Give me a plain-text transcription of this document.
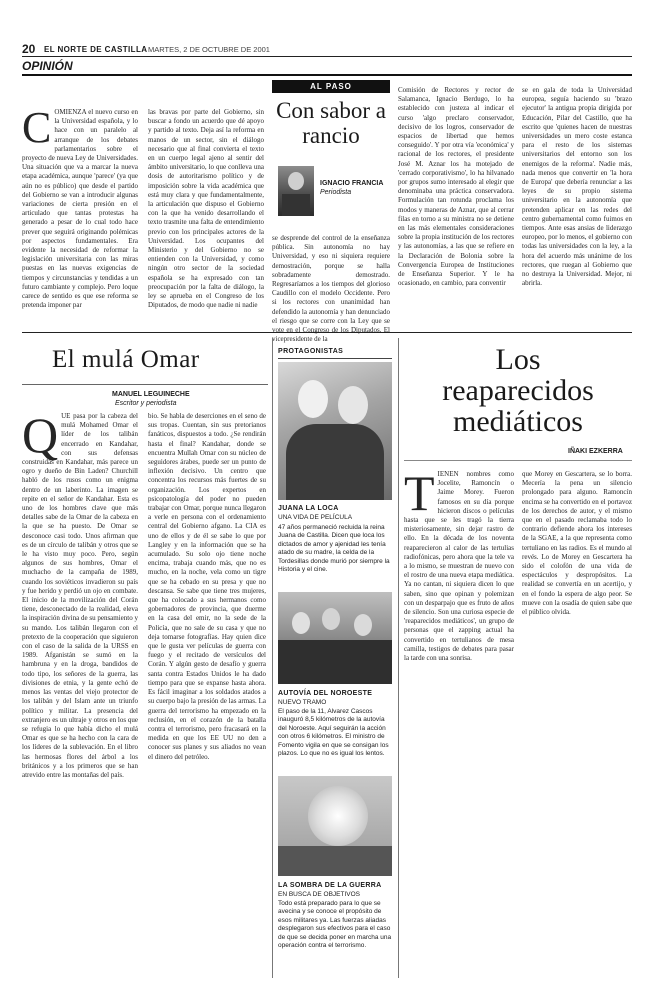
20 EL NORTE DE CASTILLA MARTES, 2 DE OCTUBRE DE 2001
OPINIÓN
COMIENZA el nuevo curso en la Universidad española, y lo hace con un paralelo al arranque de los debates parlamentarios sobre el proyecto de nueva Ley de Universidades. Una situación que va a marcar la nueva etapa académica, aunque 'parece' (ya que aún no es público) que desde el partido del Gobierno se van a introducir algunas variaciones de cierta presión en el articulado que tantas protestas ha generado a pesar de lo cual todo hace prever que seguirá originando polémicas por aspectos fundamentales. Era evidente la necesidad de reformar la legislación universitaria con las miras puestas en las nuevas exigencias de tiempos y circunstancias y tendidas a un futuro cambiante y complejo. Pero loque carece de sentido es que ese reforma se pretenda imponer par
las bravas por parte del Gobierno, sin buscar a fondo un acuerdo que dé apoyo y partido al texto. Deja así la reforma en manos de un sector, sin el diálogo necesario que al final convierta el texto en un cuerpo legal ajeno al sentir del ámbito universitario, lo que conlleva una dosis de autoritarismo político y de imposición sobre la vida académica que está muy clara y que fundamentalmente, la articulación que dispuso el Gobierno con la que ha venido desarrollando el texto trasmite una falta de entendimiento previo con los principales actores de la Universidad. Los ocupantes del Ministerio y del Gobierno no se entienden con la Universidad, y como ningún otro sector de la sociedad española se ha expresado con tan preocupación por la falta de diálogo, la ley se aprueba en el Congreso de los Diputados, de modo que nadie ni nadie
AL PASO
Con sabor a rancio
IGNACIO FRANCIA
Periodista
se desprende del control de la enseñanza pública. Sin autonomía no hay Universidad, y eso ni siquiera requiere demostración, porque se halla sobradamente demostrado. Regresaríamos a los tiempos del glorioso Caudillo con el modelo Occidente. Pero si los rectores con unanimidad han defendido la autonomía y han denunciado el riesgo que se corre con la Ley que se vote en el Congreso de los Diputados. El vicepresidente de la
Comisión de Rectores y rector de Salamanca, Ignacio Berdugo, lo ha establecido con justeza al indicar el curso 'algo preclaro conservador, decisivo de los logros, conservador de espacios de libertad que hemos conseguido'. Y por otra vía 'económica' y racional de los rectores, el presidente José M. Aznar los ha motejado de 'cerrado corporativismo', lo ha hilvanado por grupos sumo interesado al elegir que denominaba una práctica conservadora. Formulación tan rotunda proclama los modos y maneras de Aznar, que al cerrar filas en torno a su ministra no se detiene en las más elementales consideraciones sobre la propia institución de los rectores y las autonomías, a las que se refiere en la Declaración de Bolonia sobre la Convergencia Europea de Instituciones de Enseñanza Superior. Y le ha ocasionado, en cambio, para conventir
se en gala de toda la Universidad europea, seguía haciendo su 'brazo ejecutor' la antigua propia dirigida por Educación, Pilar del Castillo, que ha escrito que 'quienes hacen de nuestras universidades un mero coste estanca para el resto de los sistemas universitarios del entorno son los enemigos de la reforma'. Nadie más, nada menos que convertir en 'la hora de Europa' que debería renunciar a las leyes de su propio sistema universitario en la autonomía que pretenden aplicar en las redes del centro gubernamental como fuimos en tiempos. Ante esas ansias de liderazgo europeo, por lo menos, el gobierno con todas las universidades con la ley, a la hora del acuerdo más unánime de los rectores, que ruegan al Gobierno que no destruya la Universidad. Mejor, ni abrirla.
El mulá Omar
MANUEL LEGUINECHE
Escritor y periodista
QUE pasa por la cabeza del mulá Mohamed Omar el líder de los talibán encerrado en Kandahar, con sus defensas construidas en Kandahar, más parece un ogro y dueño de Bin Laden? Churchill habló de los rusos como un enigma dentro de un laberinto. La imagen se repite en el señor de Kandahar. Esta es uno de los hombres clave que más detalles sabe de la Omar de la cabeza en la que se ha puesto. De Omar se desconoce casi todo. Unos afirman que es de un círculo de talibán y otros que se le ha visto muy poco. Pero, según algunos de sus hombres, Omar el muchacho de la campaña de 1989, cuando los soviéticos invadieron su país y fue herido y perdió un ojo en combate. El inicio de la movilización del Corán tiene, desconectado de la realidad, eleva la inspiración divina de su pensamiento y su mando. Los talibán llegaron con el pretexto de la cooperación que siguieron con el caso de la salida de la URSS en 1989. Afganistán se sumó en la hambruna y en la droga, bandidos de todo tipo, los señores de la guerra, las divisiones de etnia, y la gente echó de menos las ventas del viejo protector de los talibán y del Islam ante un triunfo político y militar. La presencia del extranjero es un ultraje y otros en los que se refugia lo que había dicho el mulá Omar es que se ha hecho con la cara de los líderes de la sublevación. En el libro las hermosas flores del árbol a los británicos y a los primeros que se han atrevido entre las montañas del país.
bio. Se habla de deserciones en el seno de sus tropas. Cuentan, sin sus pretorianos fanáticos, dispuestos a todo. ¿Se rendirán hasta el final? Kandahar, donde se encuentra Mullah Omar con su núcleo de seguidores árabes, puede ser un punto de inflexión decisivo. Un centro que concentra los recursos más fuertes de su organización. Los expertos en psicopatología del poder no pueden trabajar con Omar, porque nunca llegaron a verle en persona con el ordenamiento central del Gobierno afgano. La CIA es uno de ellos y de él se sabe lo que por Langley y en la información que se ha acumulado. Su solo ojo tiene noche encima, trabaja cuando más, que no es mucho, en la noche, vela como un tigre que se ha cebado en su presa y que no descansa. Se sabe que tiene tres mujeres, que ha colocado a sus hermanos como gobernadores de provincia, que duerme en la casa del emir, no la sede de la Policía, que no sale de su casa y que no deja tomarse fotografías. Hay quien dice que le gusta ver películas de guerra con fuego y el recitado de versículos del Corán. Y algún gesto de desafío y guerra santa contra Estados Unidos le ha dado tiempo para que se expanse hasta ahora. Es fácil imaginar a los soldados atados a su cuerpo bajo la presión de las armas. La guerra del terrorismo ha empezado en la reclusión, en el corazón de la batalla contra el terrorismo, pero fracasará en la medida en que los EE UU no den a conocer sus planes y sus aliados no vean el dinero del petróleo.
PROTAGONISTAS
JUANA LA LOCA
UNA VIDA DE PELÍCULA
47 años permaneció recluida la reina Juana de Castilla. Dicen que loca los dictados de amor y ajenidad les tenía atado de su madre, la celda de la Tordesillas donde murió por siempre la Historia y el cine.
AUTOVÍA DEL NOROESTE
NUEVO TRAMO
El paso de la 11, Alvarez Cascos inauguró 8,5 kilómetros de la autovía del Noroeste. Aquí seguirán la acción con otros 6 kilómetros. El ministro de Fomento vigila en que se consigan los plazos. Lo que no es igual los lentos.
LA SOMBRA DE LA GUERRA
EN BUSCA DE OBJETIVOS
Todo está preparado para lo que se avecina y se conoce el propósito de esos militares ya. Las fuerzas aliadas desplegaron sus efectivos para el caso de que se decida poner en marcha una operación contra el terrorismo.
Los
reaparecidos
mediáticos
IÑAKI EZKERRA
TIENEN nombres como Jocelite, Ramoncín o Jaime Morey. Fueron famosos en su día porque hicieron discos o películas hasta que se les tragó la tierra misteriosamente, sin dejar rastro de ello. En la década de los noventa reaparecieron al calor de las tertulias radiofónicas, pero ahora que la tele va a lo mismo, se muestran de nuevo con el rostro de una nueva etapa mediática. Ya no cantan, ni siquiera dicen lo que saben, sino que opinan y polemizan con un desparpajo que es fruto de años de silencio. Son una curiosa especie de 'reaparecidos mediáticos', un grupo de personas que el zapping actual ha convertido en tertulianos de mesa camilla, testigos de debates para pasar la tarde con una sonrisa.
que Morey en Gescartera, se lo borra. Mecería la pena un silencio prolongado para alguno. Ramoncín encima se ha convertido en el portavoz de los derechos de autor, y el mismo que en el pasado reclamaba todo lo contrario defiende ahora los intereses de la SGAE, a la que representa como tertuliano en las radios. Es el mundo al revés. Lo de Morey en Gescartera ha sido el colofón de una vida de espectáculos y despropósitos. La realidad se convertía en un acertijo, y en el fondo la espera de algo peor. Se mueve con la osadía de quien sabe que el público olvida.
